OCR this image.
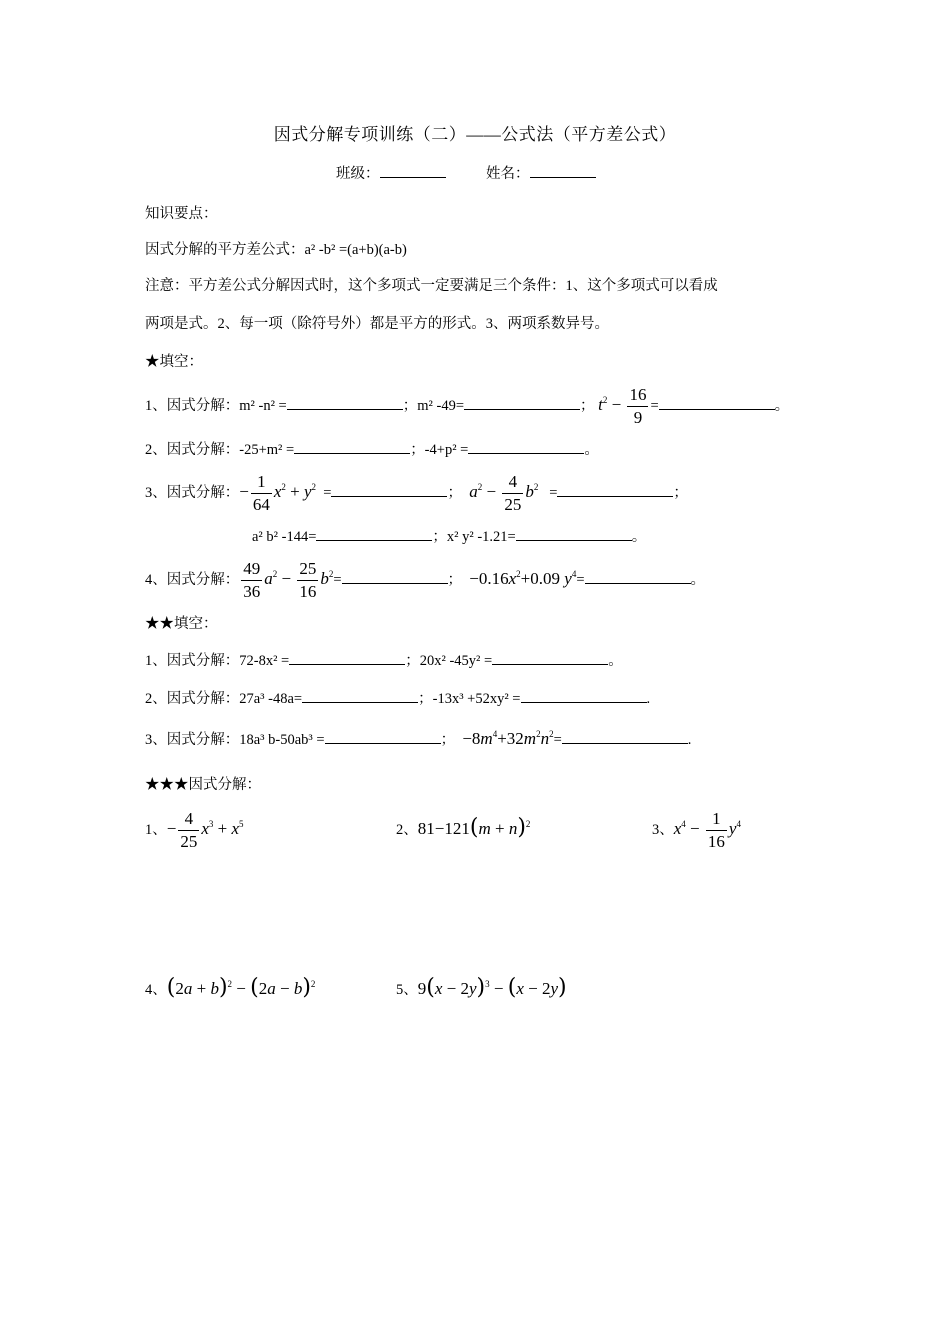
因式分解专项训练（二）——公式法（平方差公式）
班级：	姓名：
知识要点：
因式分解的平方差公式：a² -b² =(a+b)(a-b)
注意：平方差公式分解因式时，这个多项式一定要满足三个条件：1、这个多项式可以看成
两项是式。2、每一项（除符号外）都是平方的形式。3、两项系数异号。
★填空：
1、因式分解：m² -n² =	；m² -49=	； $t^2 - \frac{16}{9}$ =	。
2、因式分解：-25+m² =	；-4+p² =	。
3、因式分解：− $\frac{1}{64} x^2 + y^2$ =	； $a^2 - \frac{4}{25} b^2$ =	；
a² b² -144=	；x² y² -1.21=	。
4、因式分解： $\frac{49}{36} a^2 - \frac{25}{16} b^2=$	； $-0.16x^2+0.09$ $y^4=$	。
★★填空：
1、因式分解：72-8x² =	；20x² -45y² =	。
2、因式分解：27a³ -48a=	；-13x³ +52xy² =	.
3、因式分解：18a³ b-50ab³ =	； $-8m^4+32m^2n^2=$	.
★★★因式分解：
1、− $\frac{4}{25} x^3 + x^5$	2、$81-121(m + n)^2$	3、$x^4 - \frac{1}{16} y^4$
4、$(2a + b)^2 - (2a - b)^2$	5、$9(x - 2y)^3 - (x - 2y)$
